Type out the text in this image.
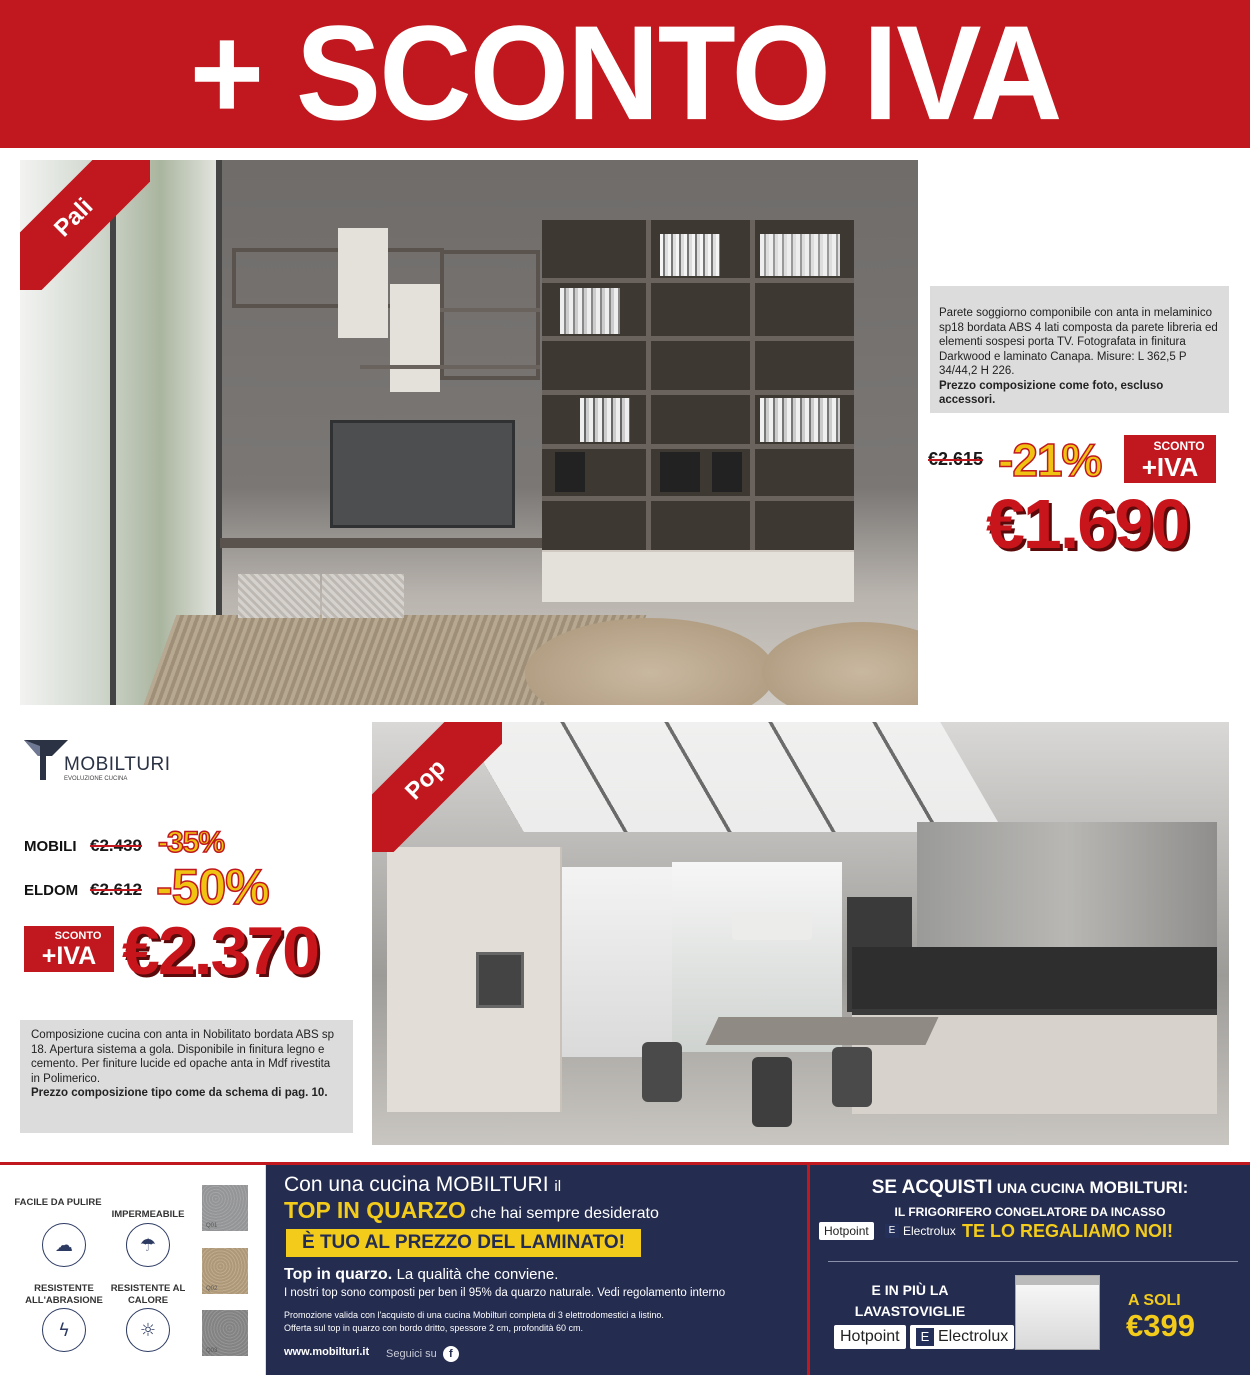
+ SCONTO IVA
Pali
Parete soggiorno componibile con anta in melaminico sp18 bordata ABS 4 lati composta da parete libreria ed elementi sospesi porta TV. Fotografata in finitura Darkwood e laminato Canapa. Misure: L 362,5 P 34/44,2 H 226.
Prezzo composizione come foto, escluso accessori.
€2.615 -21%	SCONTO
+IVA
€1.690
MOBILTURI
EVOLUZIONE CUCINA
MOBILI €2.439 -35%
ELDOM €2.612 -50%
SCONTO
+IVA €2.370
Composizione cucina con anta in Nobilitato bordata ABS sp 18. Apertura sistema a gola. Disponibile in finitura legno e cemento. Per finiture lucide ed opache anta in Mdf rivestita in Polimerico.
Prezzo composizione tipo come da schema di pag. 10.
Pop
FACILE DA PULIRE
☁
IMPERMEABILE
☂
RESISTENTE ALL'ABRASIONE
ϟ
RESISTENTE AL CALORE
☼
Q01
Q02
Q03
Con una cucina MOBILTURI il
TOP IN QUARZO che hai sempre desiderato
È TUO AL PREZZO DEL LAMINATO!
Top in quarzo. La qualità che conviene.
I nostri top sono composti per ben il 95% da quarzo naturale. Vedi regolamento interno
Promozione valida con l'acquisto di una cucina Mobilturi completa di 3 elettrodomestici a listino.
Offerta sul top in quarzo con bordo dritto, spessore 2 cm, profondità 60 cm.
www.mobilturi.it Seguici su f
SE ACQUISTI UNA CUCINA MOBILTURI:
IL FRIGORIFERO CONGELATORE DA INCASSO
Hotpoint	E Electrolux TE LO REGALIAMO NOI!
E IN PIÙ LA LAVASTOVIGLIE
Hotpoint	E Electrolux
A SOLI
€399
